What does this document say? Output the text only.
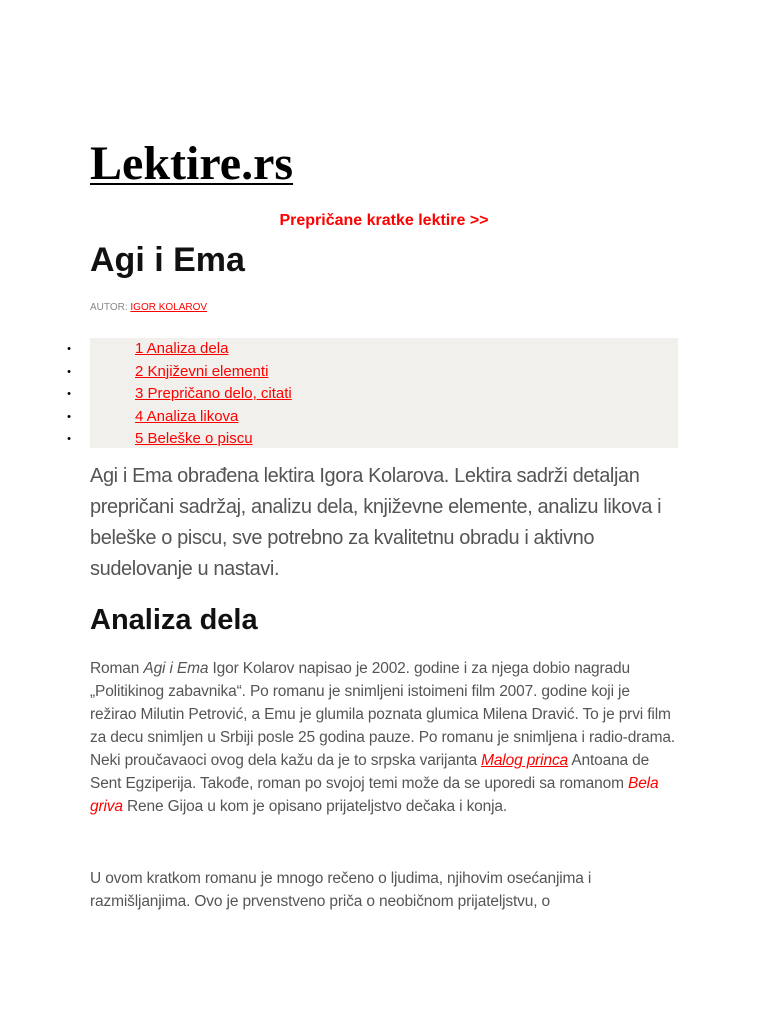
Lektire.rs
Prepričane kratke lektire >>
Agi i Ema
AUTOR: IGOR KOLAROV
•	1 Analiza dela
•	2 Književni elementi
•	3 Prepričano delo, citati
•	4 Analiza likova
•	5 Beleške o piscu

Agi i Ema obrađena lektira Igora Kolarova. Lektira sadrži detaljan prepričani sadržaj, analizu dela, književne elemente, analizu likova i beleške o piscu, sve potrebno za kvalitetnu obradu i aktivno sudelovanje u nastavi.

Analiza dela

Roman Agi i Ema Igor Kolarov napisao je 2002. godine i za njega dobio nagradu „Politikinog zabavnika“. Po romanu je snimljeni istoimeni film 2007. godine koji je režirao Milutin Petrović, a Emu je glumila poznata glumica Milena Dravić. To je prvi film za decu snimljen u Srbiji posle 25 godina pauze. Po romanu je snimljena i radio-drama. Neki proučavaoci ovog dela kažu da je to srpska varijanta Malog princa Antoana de Sent Egziperija. Takođe, roman po svojoj temi može da se uporedi sa romanom Bela griva Rene Gijoa u kom je opisano prijateljstvo dečaka i konja.

U ovom kratkom romanu je mnogo rečeno o ljudima, njihovim osećanjima i razmišljanjima. Ovo je prvenstveno priča o neobičnom prijateljstvu, o
